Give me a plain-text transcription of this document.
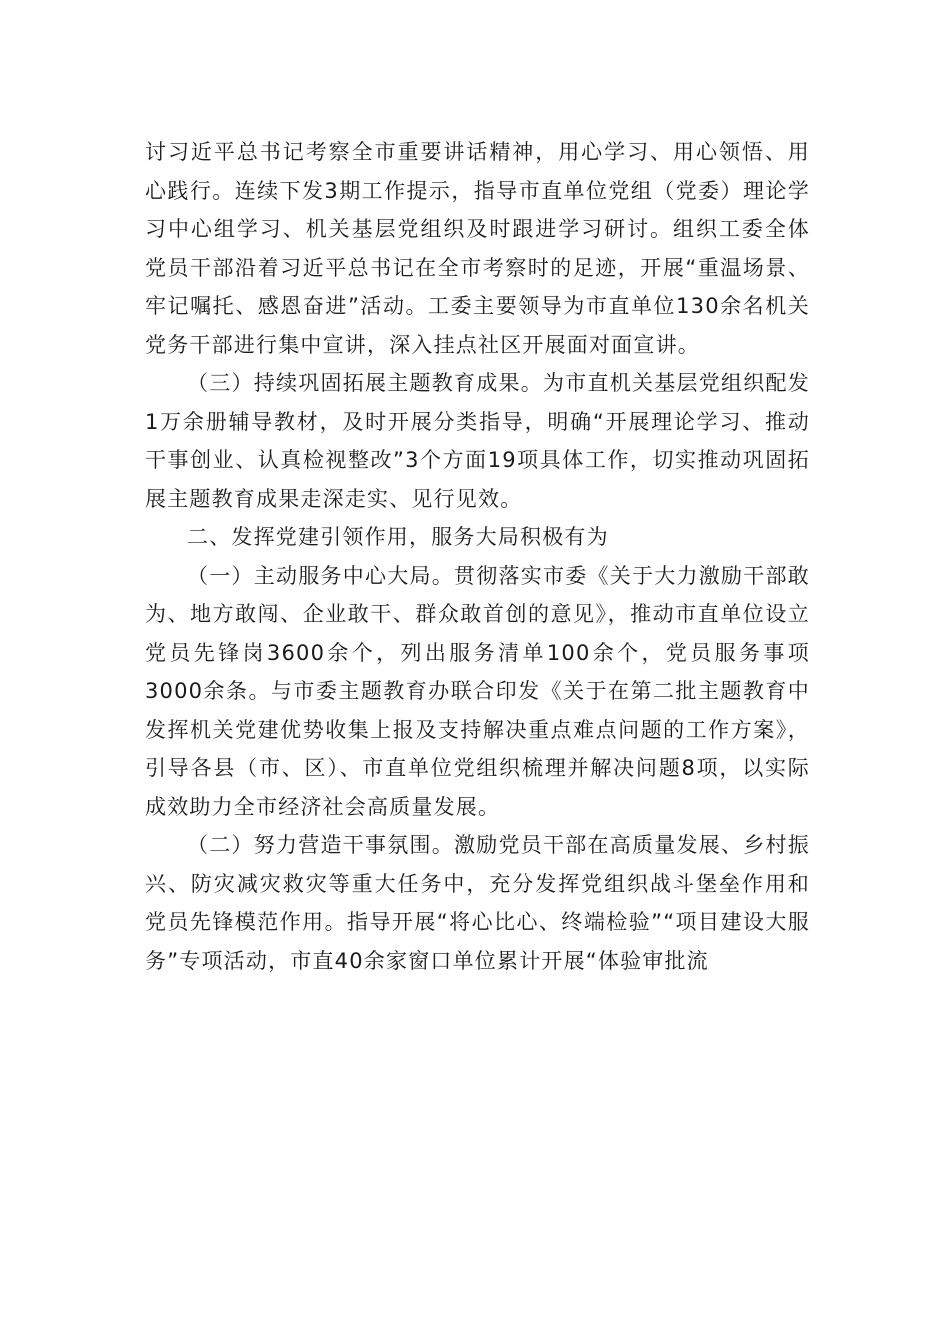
讨习近平总书记考察全市重要讲话精神，用心学习、用心领悟、用心践行。连续下发3期工作提示，指导市直单位党组（党委）理论学习中心组学习、机关基层党组织及时跟进学习研讨。组织工委全体党员干部沿着习近平总书记在全市考察时的足迹，开展“重温场景、牢记嘱托、感恩奋进”活动。工委主要领导为市直单位130余名机关党务干部进行集中宣讲，深入挂点社区开展面对面宣讲。

（三）持续巩固拓展主题教育成果。为市直机关基层党组织配发1万余册辅导教材，及时开展分类指导，明确“开展理论学习、推动干事创业、认真检视整改”3个方面19项具体工作，切实推动巩固拓展主题教育成果走深走实、见行见效。

二、发挥党建引领作用，服务大局积极有为

（一）主动服务中心大局。贯彻落实市委《关于大力激励干部敢为、地方敢闯、企业敢干、群众敢首创的意见》，推动市直单位设立党员先锋岗3600余个，列出服务清单100余个，党员服务事项3000余条。与市委主题教育办联合印发《关于在第二批主题教育中发挥机关党建优势收集上报及支持解决重点难点问题的工作方案》，引导各县（市、区）、市直单位党组织梳理并解决问题8项，以实际成效助力全市经济社会高质量发展。

（二）努力营造干事氛围。激励党员干部在高质量发展、乡村振兴、防灾减灾救灾等重大任务中，充分发挥党组织战斗堡垒作用和党员先锋模范作用。指导开展“将心比心、终端检验”“项目建设大服务”专项活动，市直40余家窗口单位累计开展“体验审批流
